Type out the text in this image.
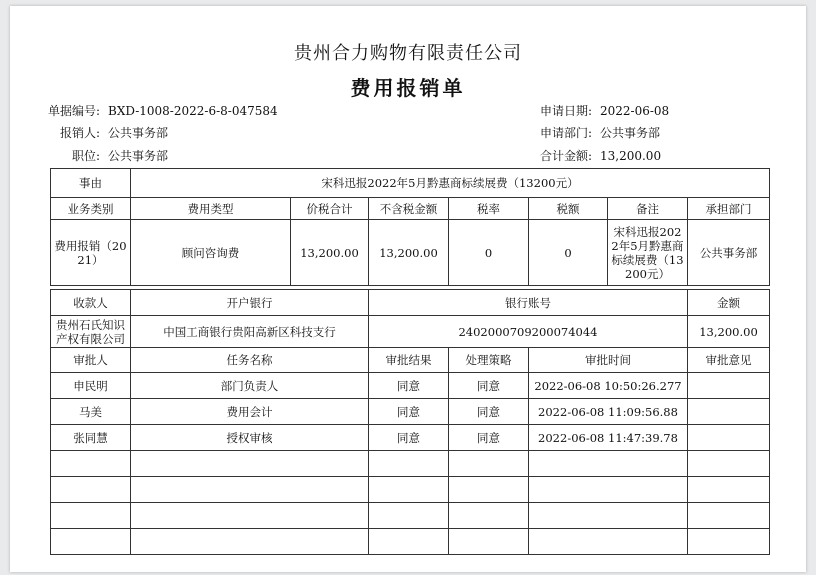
贵州合力购物有限责任公司
费用报销单
单据编号: BXD-1008-2022-6-8-047584
报销人: 公共事务部
职位: 公共事务部
申请日期: 2022-06-08
申请部门: 公共事务部
合计金额: 13,200.00
事由	宋科迅报2022年5月黔惠商标续展费（13200元）						
业务类别	费用类型	价税合计	不含税金额	税率	税额	备注	承担部门
费用报销（2021）	顾问咨询费	13,200.00	13,200.00	0	0	宋科迅报2022年5月黔惠商标续展费（13200元）	公共事务部
收款人	开户银行	银行账号			金额
贵州石氏知识产权有限公司	中国工商银行贵阳高新区科技支行	2402000709200074044			13,200.00
审批人	任务名称	审批结果	处理策略	审批时间	审批意见
申民明	部门负责人	同意	同意	2022-06-08 10:50:26.277	
马美	费用会计	同意	同意	2022-06-08 11:09:56.88	
张同慧	授权审核	同意	同意	2022-06-08 11:47:39.78	
